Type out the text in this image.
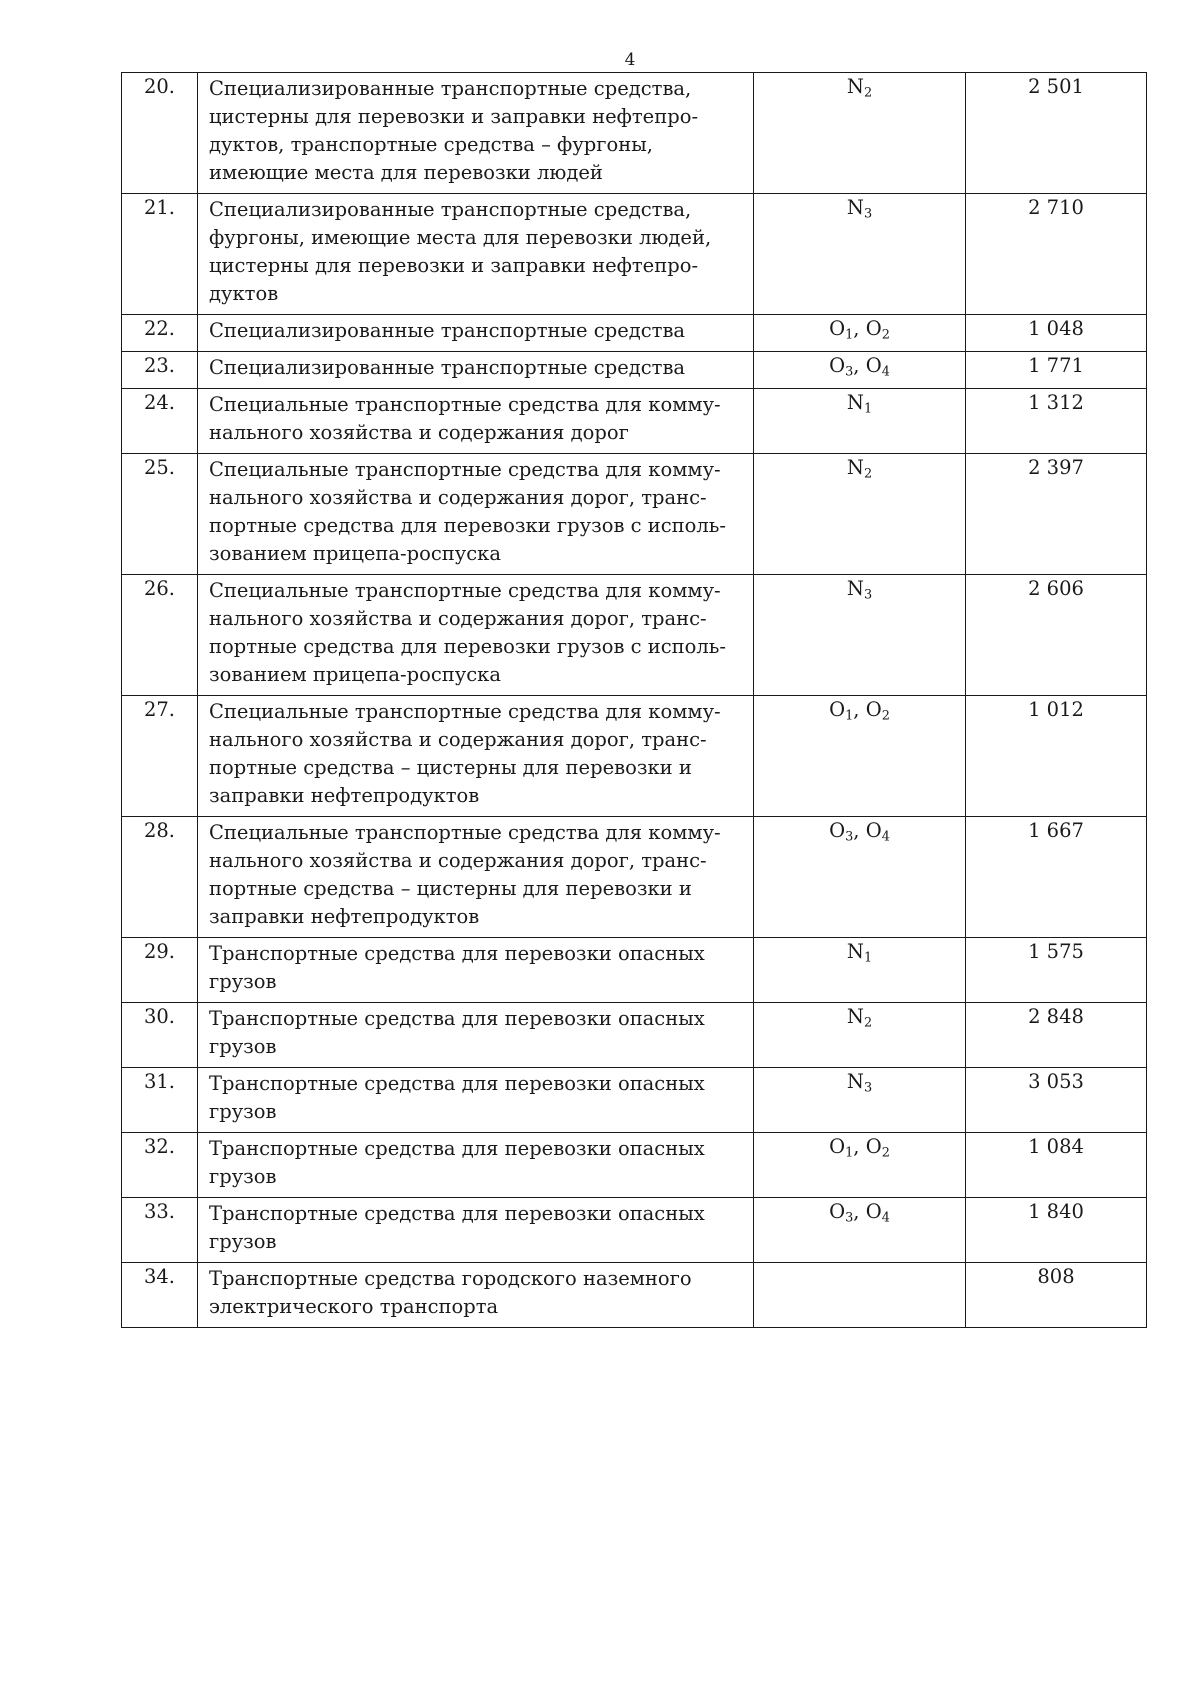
4
20.	Специализированные транспортные средства, цистерны для перевозки и заправки нефтепро-дуктов, транспортные средства – фургоны, имеющие места для перевозки людей	$N_2$	2 501
21.	Специализированные транспортные средства, фургоны, имеющие места для перевозки людей, цистерны для перевозки и заправки нефтепро-дуктов	$N_3$	2 710
22.	Специализированные транспортные средства	$O_1$, $O_2$	1 048
23.	Специализированные транспортные средства	$O_3$, $O_4$	1 771
24.	Специальные транспортные средства для комму-нального хозяйства и содержания дорог	$N_1$	1 312
25.	Специальные транспортные средства для комму-нального хозяйства и содержания дорог, транс-портные средства для перевозки грузов с исполь-зованием прицепа-роспуска	$N_2$	2 397
26.	Специальные транспортные средства для комму-нального хозяйства и содержания дорог, транс-портные средства для перевозки грузов с исполь-зованием прицепа-роспуска	$N_3$	2 606
27.	Специальные транспортные средства для комму-нального хозяйства и содержания дорог, транс-портные средства – цистерны для перевозки и заправки нефтепродуктов	$O_1$, $O_2$	1 012
28.	Специальные транспортные средства для комму-нального хозяйства и содержания дорог, транс-портные средства – цистерны для перевозки и заправки нефтепродуктов	$O_3$, $O_4$	1 667
29.	Транспортные средства для перевозки опасных грузов	$N_1$	1 575
30.	Транспортные средства для перевозки опасных грузов	$N_2$	2 848
31.	Транспортные средства для перевозки опасных грузов	$N_3$	3 053
32.	Транспортные средства для перевозки опасных грузов	$O_1$, $O_2$	1 084
33.	Транспортные средства для перевозки опасных грузов	$O_3$, $O_4$	1 840
34.	Транспортные средства городского наземного электрического транспорта		808
